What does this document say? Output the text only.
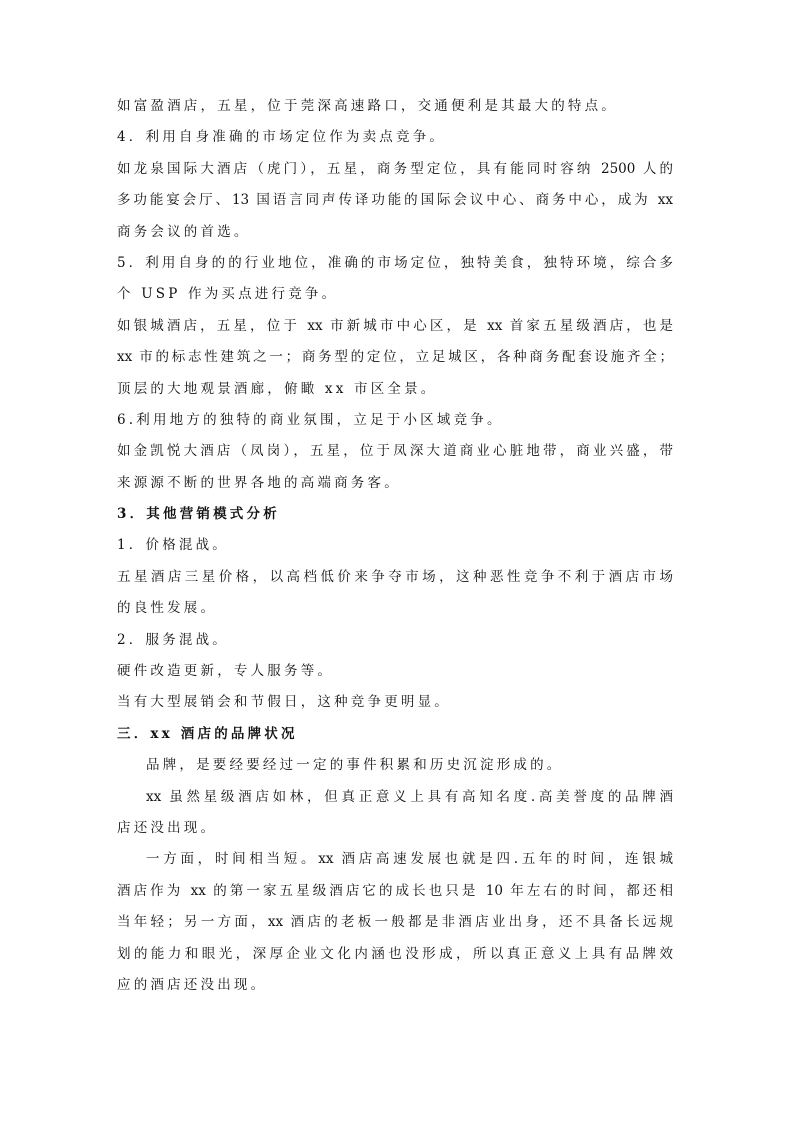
如富盈酒店，五星，位于莞深高速路口，交通便利是其最大的特点。
4．利用自身准确的市场定位作为卖点竞争。
如龙泉国际大酒店（虎门），五星，商务型定位，具有能同时容纳 2500 人的
多功能宴会厅、13 国语言同声传译功能的国际会议中心、商务中心，成为 xx
商务会议的首选。
5．利用自身的的行业地位，准确的市场定位，独特美食，独特环境，综合多
个 USP 作为买点进行竞争。
如银城酒店，五星，位于 xx 市新城市中心区，是 xx 首家五星级酒店，也是
xx 市的标志性建筑之一；商务型的定位，立足城区，各种商务配套设施齐全；
顶层的大地观景酒廊，俯瞰 xx 市区全景。
6.利用地方的独特的商业氛围，立足于小区域竞争。
如金凯悦大酒店（凤岗），五星，位于凤深大道商业心脏地带，商业兴盛，带
来源源不断的世界各地的高端商务客。
3．其他营销模式分析
1．价格混战。
五星酒店三星价格，以高档低价来争夺市场，这种恶性竞争不利于酒店市场
的良性发展。
2．服务混战。
硬件改造更新，专人服务等。
当有大型展销会和节假日，这种竞争更明显。
三．xx 酒店的品牌状况
品牌，是要经要经过一定的事件积累和历史沉淀形成的。
xx 虽然星级酒店如林，但真正意义上具有高知名度.高美誉度的品牌酒
店还没出现。
一方面，时间相当短。xx 酒店高速发展也就是四.五年的时间，连银城
酒店作为 xx 的第一家五星级酒店它的成长也只是 10 年左右的时间，都还相
当年轻；另一方面，xx 酒店的老板一般都是非酒店业出身，还不具备长远规
划的能力和眼光，深厚企业文化内涵也没形成，所以真正意义上具有品牌效
应的酒店还没出现。
